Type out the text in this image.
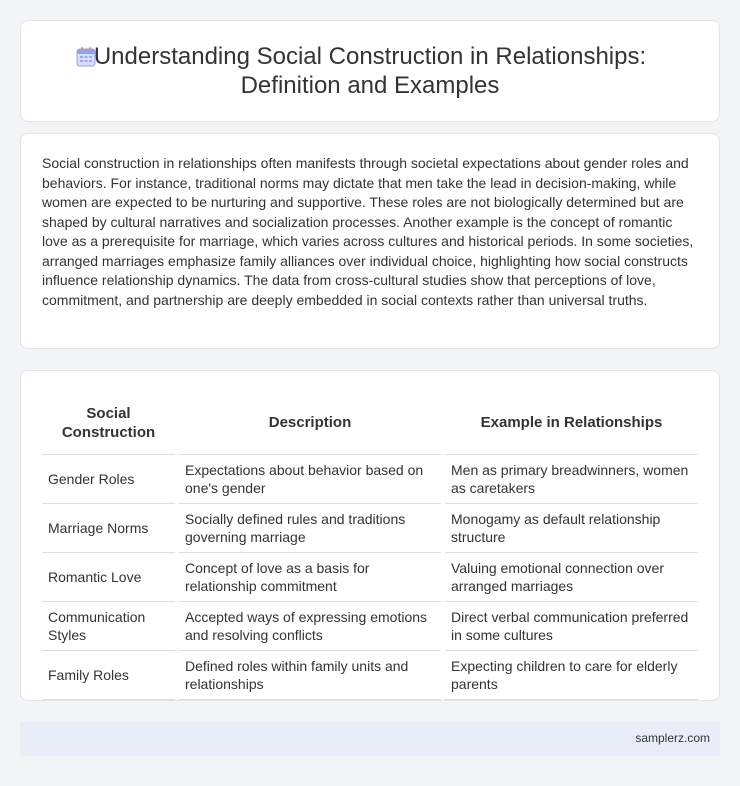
Understanding Social Construction in Relationships: Definition and Examples

Social construction in relationships often manifests through societal expectations about gender roles and behaviors. For instance, traditional norms may dictate that men take the lead in decision-making, while women are expected to be nurturing and supportive. These roles are not biologically determined but are shaped by cultural narratives and socialization processes. Another example is the concept of romantic love as a prerequisite for marriage, which varies across cultures and historical periods. In some societies, arranged marriages emphasize family alliances over individual choice, highlighting how social constructs influence relationship dynamics. The data from cross-cultural studies show that perceptions of love, commitment, and partnership are deeply embedded in social contexts rather than universal truths.

Social Construction	Description	Example in Relationships
Gender Roles	Expectations about behavior based on one's gender	Men as primary breadwinners, women as caretakers
Marriage Norms	Socially defined rules and traditions governing marriage	Monogamy as default relationship structure
Romantic Love	Concept of love as a basis for relationship commitment	Valuing emotional connection over arranged marriages
Communication Styles	Accepted ways of expressing emotions and resolving conflicts	Direct verbal communication preferred in some cultures
Family Roles	Defined roles within family units and relationships	Expecting children to care for elderly parents
samplerz.com
